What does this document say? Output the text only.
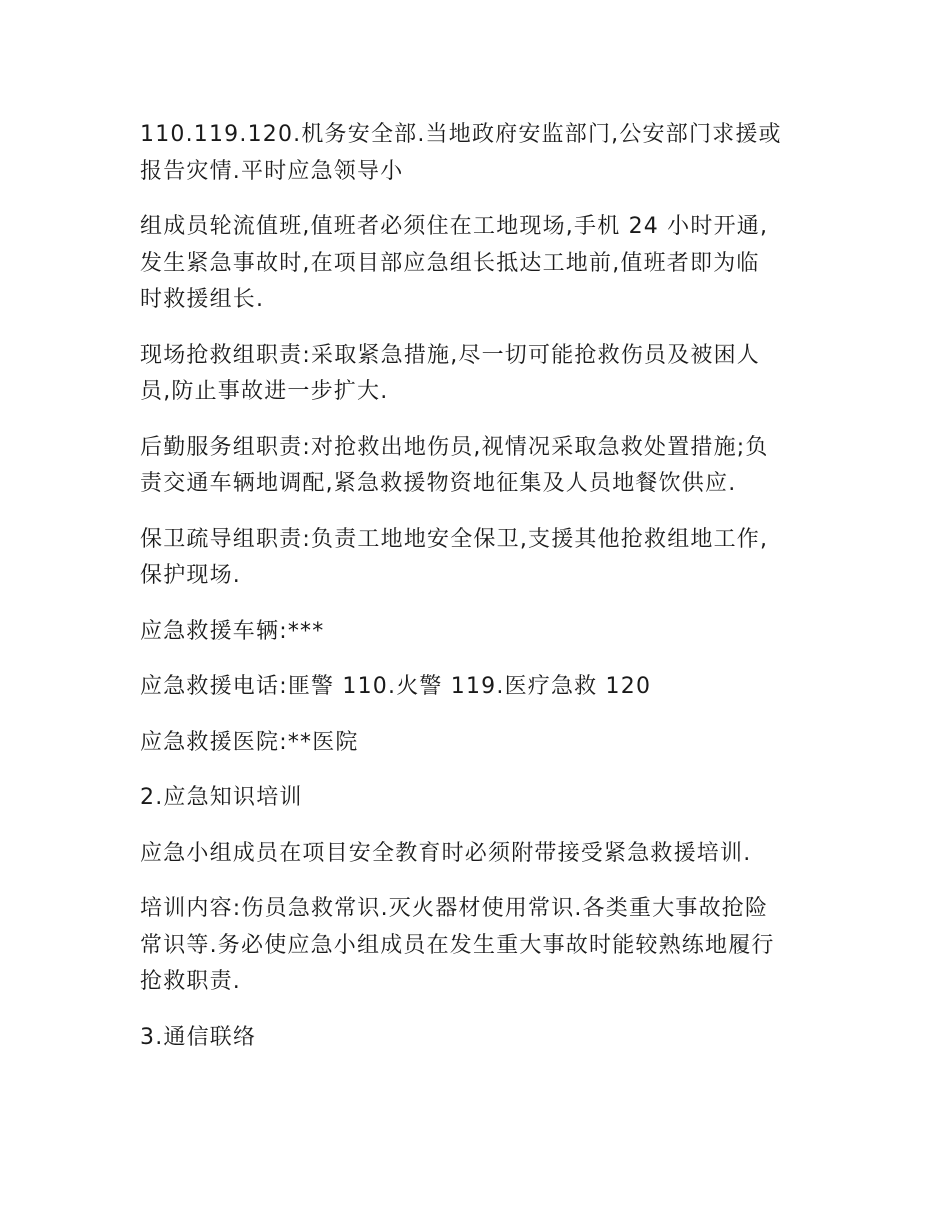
110.119.120.机务安全部.当地政府安监部门,公安部门求援或
报告灾情.平时应急领导小

组成员轮流值班,值班者必须住在工地现场,手机 24 小时开通,
发生紧急事故时,在项目部应急组长抵达工地前,值班者即为临
时救援组长.

现场抢救组职责:采取紧急措施,尽一切可能抢救伤员及被困人
员,防止事故进一步扩大.

后勤服务组职责:对抢救出地伤员,视情况采取急救处置措施;负
责交通车辆地调配,紧急救援物资地征集及人员地餐饮供应.

保卫疏导组职责:负责工地地安全保卫,支援其他抢救组地工作,
保护现场.

应急救援车辆:***

应急救援电话:匪警 110.火警 119.医疗急救 120

应急救援医院:**医院

2.应急知识培训

应急小组成员在项目安全教育时必须附带接受紧急救援培训.

培训内容:伤员急救常识.灭火器材使用常识.各类重大事故抢险
常识等.务必使应急小组成员在发生重大事故时能较熟练地履行
抢救职责.

3.通信联络
